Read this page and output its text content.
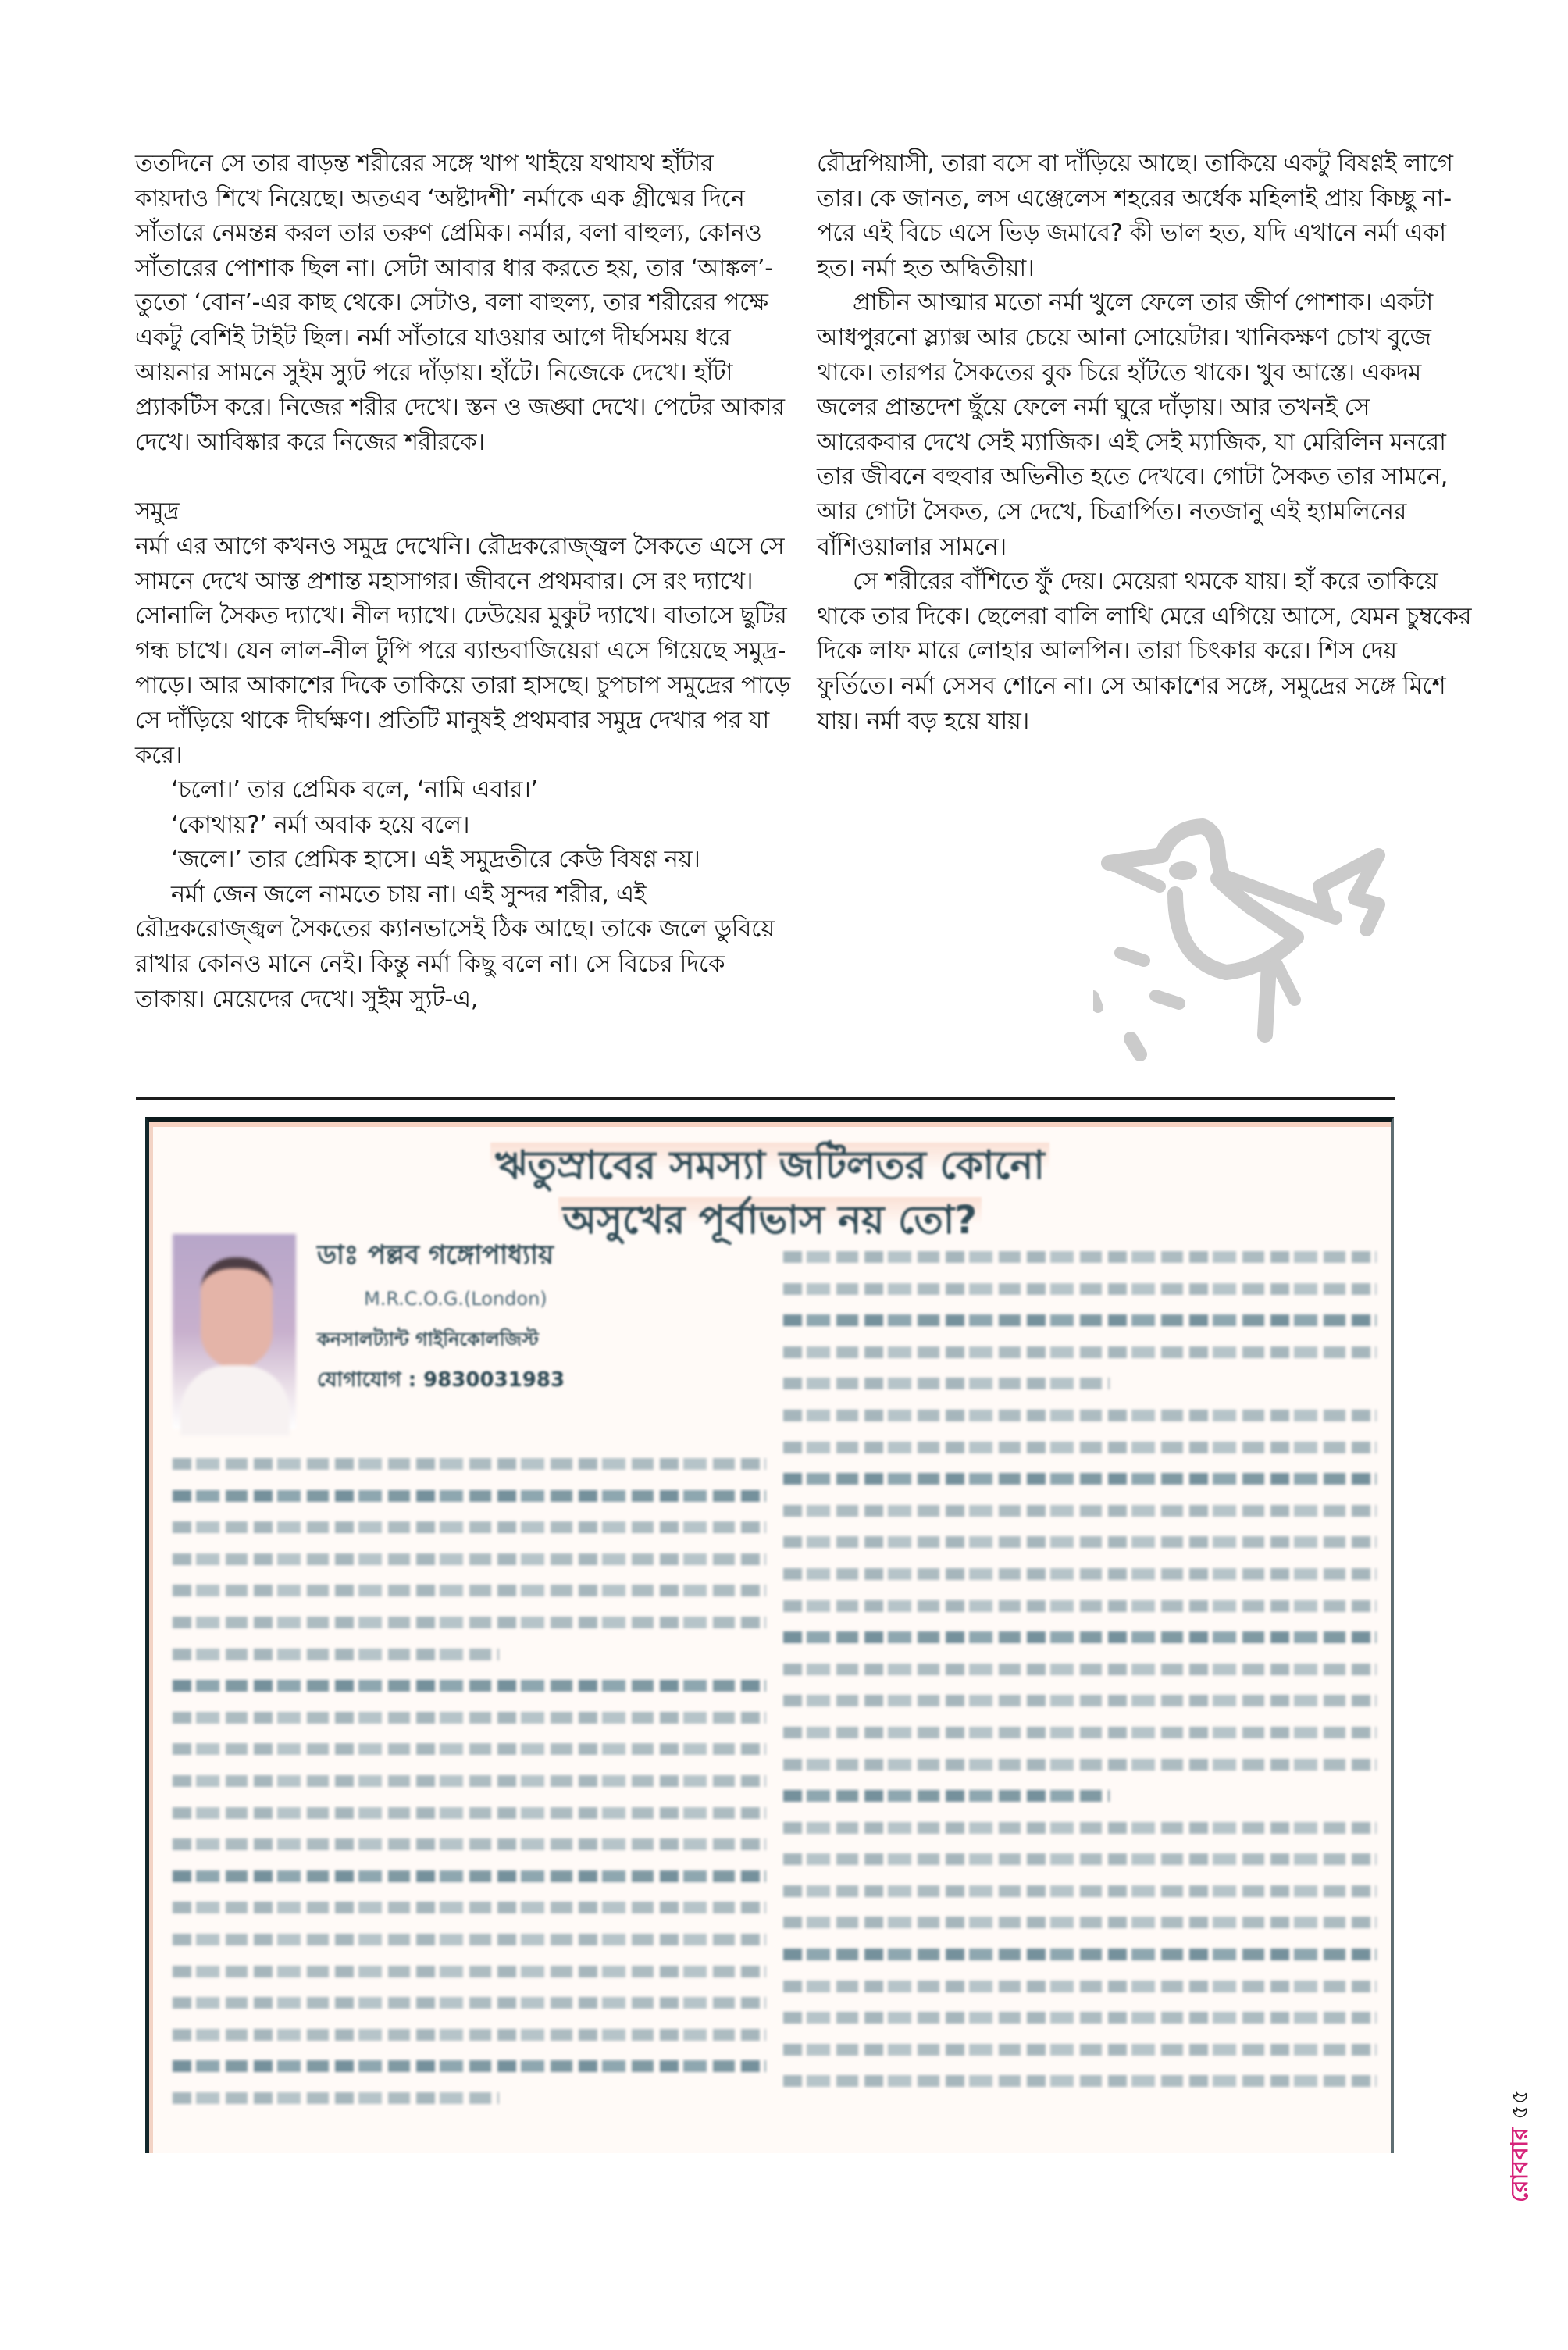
ততদিনে সে তার বাড়ন্ত শরীরের সঙ্গে খাপ খাইয়ে যথাযথ হাঁটার কায়দাও শিখে নিয়েছে। অতএব ‘অষ্টাদশী’ নর্মাকে এক গ্রীষ্মের দিনে সাঁতারে নেমন্তন্ন করল তার তরুণ প্রেমিক। নর্মার, বলা বাহুল্য, কোনও সাঁতারের পোশাক ছিল না। সেটা আবার ধার করতে হয়, তার ‘আঙ্কল’-তুতো ‘বোন’-এর কাছ থেকে। সেটাও, বলা বাহুল্য, তার শরীরের পক্ষে একটু বেশিই টাইট ছিল। নর্মা সাঁতারে যাওয়ার আগে দীর্ঘসময় ধরে আয়নার সামনে সুইম স্যুট পরে দাঁড়ায়। হাঁটে। নিজেকে দেখে। হাঁটা প্র্যাকটিস করে। নিজের শরীর দেখে। স্তন ও জঙ্ঘা দেখে। পেটের আকার দেখে। আবিষ্কার করে নিজের শরীরকে।

সমুদ্র

নর্মা এর আগে কখনও সমুদ্র দেখেনি। রৌদ্রকরোজ্জ্বল সৈকতে এসে সে সামনে দেখে আস্ত প্রশান্ত মহাসাগর। জীবনে প্রথমবার। সে রং দ্যাখে। সোনালি সৈকত দ্যাখে। নীল দ্যাখে। ঢেউয়ের মুকুট দ্যাখে। বাতাসে ছুটির গন্ধ চাখে। যেন লাল-নীল টুপি পরে ব্যান্ডবাজিয়েরা এসে গিয়েছে সমুদ্র-পাড়ে। আর আকাশের দিকে তাকিয়ে তারা হাসছে। চুপচাপ সমুদ্রের পাড়ে সে দাঁড়িয়ে থাকে দীর্ঘক্ষণ। প্রতিটি মানুষই প্রথমবার সমুদ্র দেখার পর যা করে।

‘চলো।’ তার প্রেমিক বলে, ‘নামি এবার।’

‘কোথায়?’ নর্মা অবাক হয়ে বলে।

‘জলে।’ তার প্রেমিক হাসে। এই সমুদ্রতীরে কেউ বিষণ্ণ নয়।

নর্মা জেন জলে নামতে চায় না। এই সুন্দর শরীর, এই রৌদ্রকরোজ্জ্বল সৈকতের ক্যানভাসেই ঠিক আছে। তাকে জলে ডুবিয়ে রাখার কোনও মানে নেই। কিন্তু নর্মা কিছু বলে না। সে বিচের দিকে তাকায়। মেয়েদের দেখে। সুইম স্যুট-এ,

রৌদ্রপিয়াসী, তারা বসে বা দাঁড়িয়ে আছে। তাকিয়ে একটু বিষণ্ণই লাগে তার। কে জানত, লস এঞ্জেলেস শহরের অর্ধেক মহিলাই প্রায় কিচ্ছু না-পরে এই বিচে এসে ভিড় জমাবে? কী ভাল হত, যদি এখানে নর্মা একা হত। নর্মা হত অদ্বিতীয়া।

প্রাচীন আত্মার মতো নর্মা খুলে ফেলে তার জীর্ণ পোশাক। একটা আধপুরনো স্ল্যাক্স আর চেয়ে আনা সোয়েটার। খানিকক্ষণ চোখ বুজে থাকে। তারপর সৈকতের বুক চিরে হাঁটতে থাকে। খুব আস্তে। একদম জলের প্রান্তদেশ ছুঁয়ে ফেলে নর্মা ঘুরে দাঁড়ায়। আর তখনই সে আরেকবার দেখে সেই ম্যাজিক। এই সেই ম্যাজিক, যা মেরিলিন মনরো তার জীবনে বহুবার অভিনীত হতে দেখবে। গোটা সৈকত তার সামনে, আর গোটা সৈকত, সে দেখে, চিত্রার্পিত। নতজানু এই হ্যামলিনের বাঁশিওয়ালার সামনে।

সে শরীরের বাঁশিতে ফুঁ দেয়। মেয়েরা থমকে যায়। হাঁ করে তাকিয়ে থাকে তার দিকে। ছেলেরা বালি লাথি মেরে এগিয়ে আসে, যেমন চুম্বকের দিকে লাফ মারে লোহার আলপিন। তারা চিৎকার করে। শিস দেয় ফুর্তিতে। নর্মা সেসব শোনে না। সে আকাশের সঙ্গে, সমুদ্রের সঙ্গে মিশে যায়। নর্মা বড় হয়ে যায়।

ঋতুস্রাবের সমস্যা জটিলতর কোনো
অসুখের পূর্বাভাস নয় তো?
ডাঃ পল্লব গঙ্গোপাধ্যায়
M.R.C.O.G.(London)
কনসালট্যান্ট গাইনিকোলজিস্ট
যোগাযোগ : 9830031983
রোববার৫৫
